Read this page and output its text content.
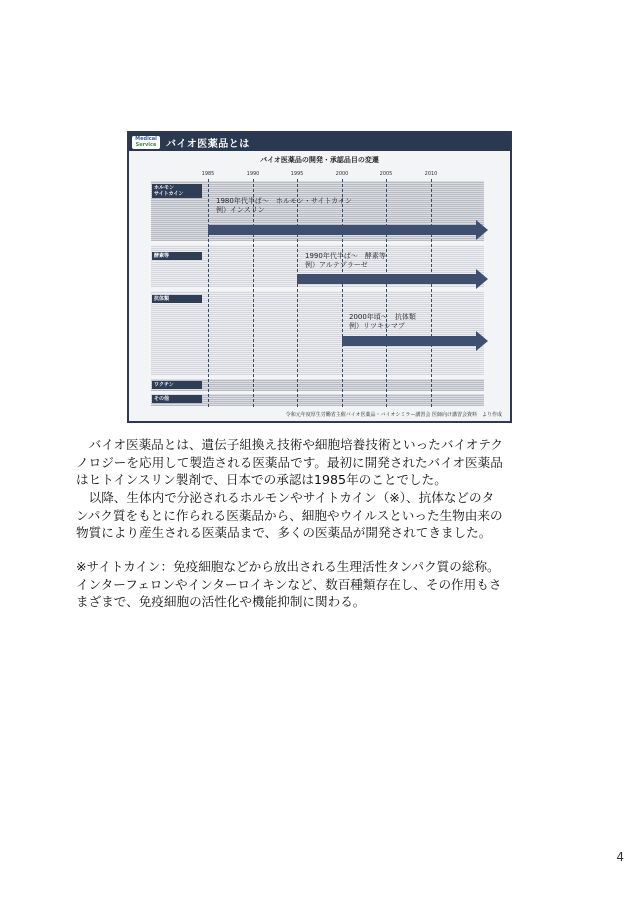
Medical
Service バイオ医薬品とは
バイオ医薬品の開発・承認品目の変遷
1985	1990	1995	2000	2005	2010
ホルモン
サイトカイン
酵素等
抗体類
ワクチン
その他
1980年代半ば～　ホルモン・サイトカイン
例）インスリン
1990年代半ば～　酵素等
例）アルテプラーゼ
2000年頃～　抗体類
例）リツキシマブ
令和元年度厚生労働省主催バイオ医薬品・バイオシミラー講習会 医師向け講習会資料　より作成
　バイオ医薬品とは、遺伝子組換え技術や細胞培養技術といったバイオテク
ノロジーを応用して製造される医薬品です。最初に開発されたバイオ医薬品
はヒトインスリン製剤で、日本での承認は1985年のことでした。
　以降、生体内で分泌されるホルモンやサイトカイン（※）、抗体などのタ
ンパク質をもとに作られる医薬品から、細胞やウイルスといった生物由来の
物質により産生される医薬品まで、多くの医薬品が開発されてきました。
※サイトカイン：免疫細胞などから放出される生理活性タンパク質の総称。
インターフェロンやインターロイキンなど、数百種類存在し、その作用もさ
まざまで、免疫細胞の活性化や機能抑制に関わる。
4
